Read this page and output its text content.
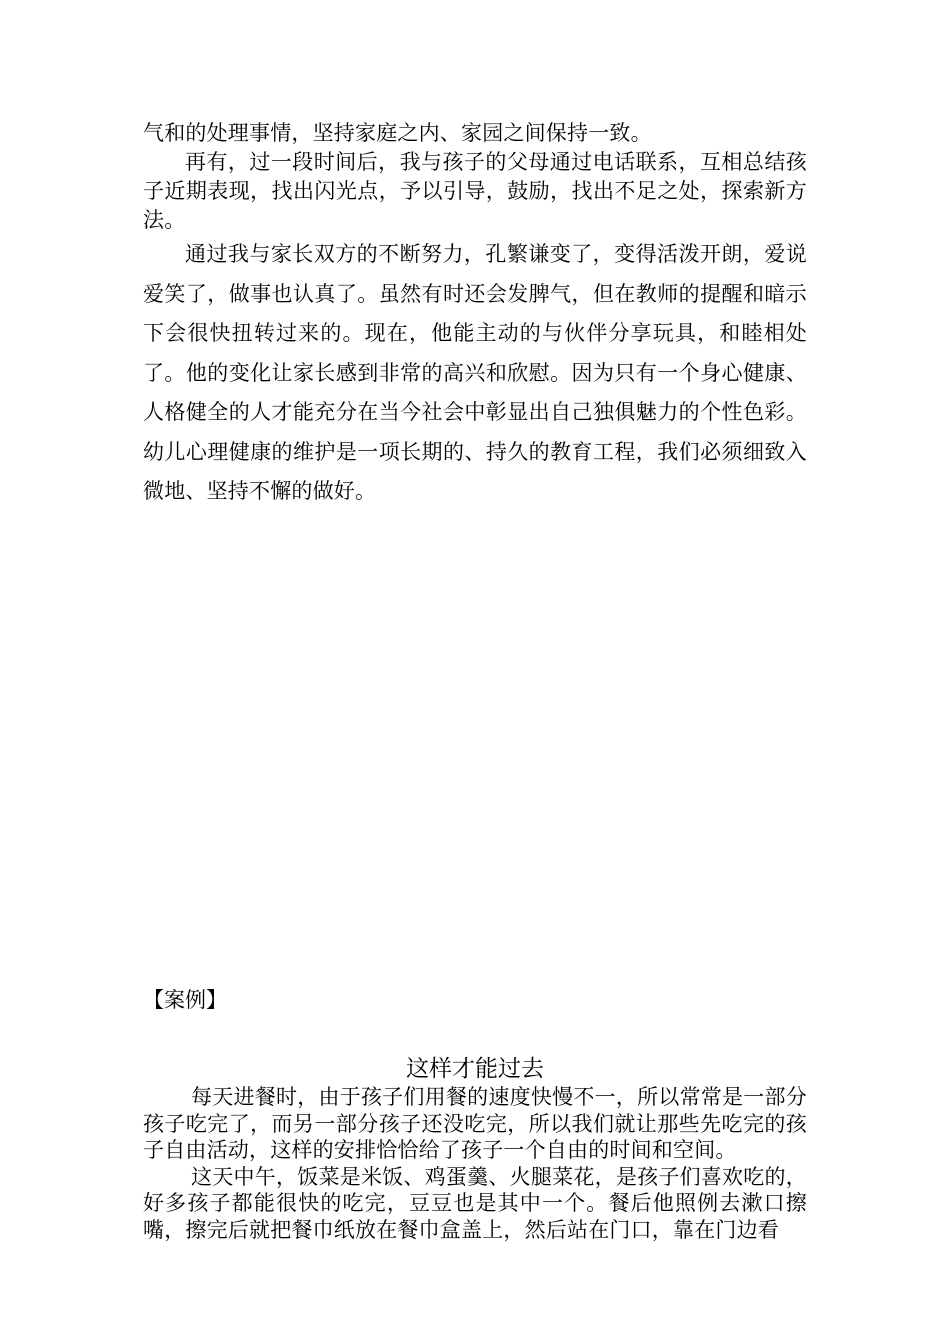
气和的处理事情，坚持家庭之内、家园之间保持一致。

再有，过一段时间后，我与孩子的父母通过电话联系，互相总结孩子近期表现，找出闪光点，予以引导，鼓励，找出不足之处，探索新方法。

通过我与家长双方的不断努力，孔繁谦变了，变得活泼开朗，爱说爱笑了，做事也认真了。虽然有时还会发脾气，但在教师的提醒和暗示下会很快扭转过来的。现在，他能主动的与伙伴分享玩具，和睦相处了。他的变化让家长感到非常的高兴和欣慰。因为只有一个身心健康、人格健全的人才能充分在当今社会中彰显出自己独俱魅力的个性色彩。幼儿心理健康的维护是一项长期的、持久的教育工程，我们必须细致入微地、坚持不懈的做好。

【案例】

这样才能过去

每天进餐时，由于孩子们用餐的速度快慢不一，所以常常是一部分孩子吃完了，而另一部分孩子还没吃完，所以我们就让那些先吃完的孩子自由活动，这样的安排恰恰给了孩子一个自由的时间和空间。

这天中午，饭菜是米饭、鸡蛋羹、火腿菜花，是孩子们喜欢吃的，好多孩子都能很快的吃完，豆豆也是其中一个。餐后他照例去漱口擦嘴，擦完后就把餐巾纸放在餐巾盒盖上，然后站在门口，靠在门边看
